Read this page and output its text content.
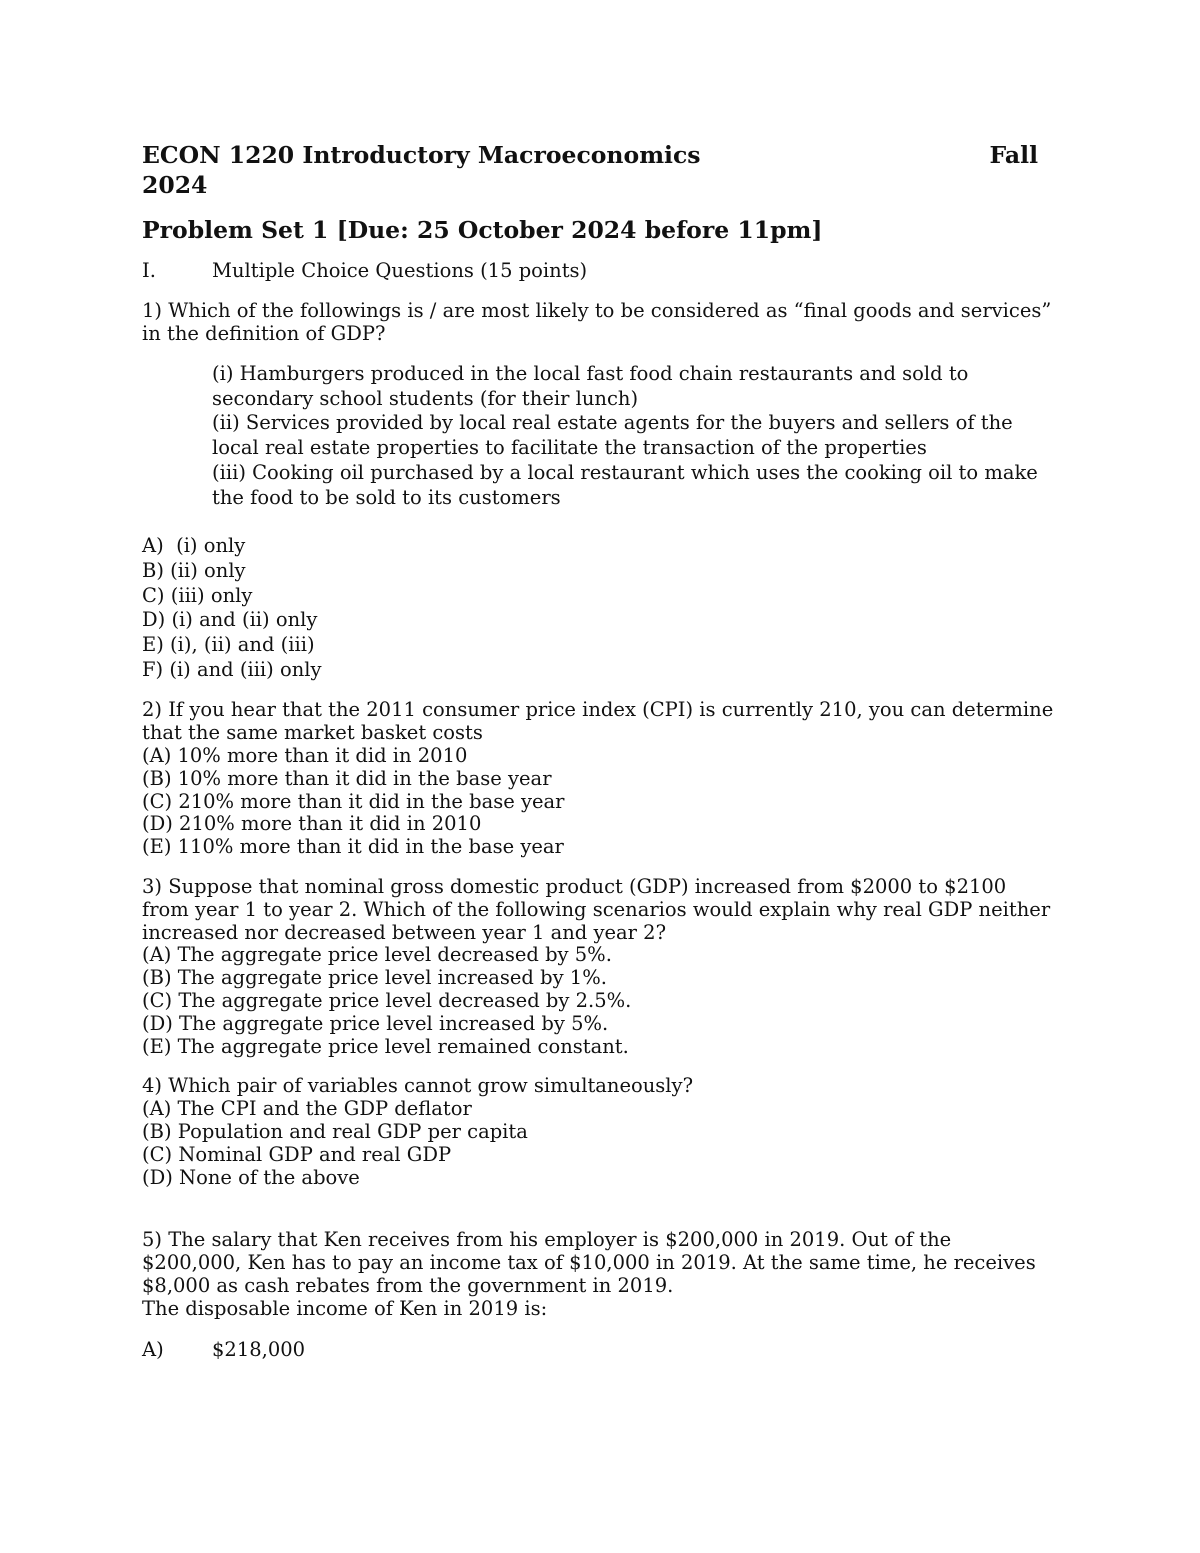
ECON 1220 Introductory Macroeconomics	Fall
2024
Problem Set 1 [Due: 25 October 2024 before 11pm]
I.	Multiple Choice Questions (15 points)

1) Which of the followings is / are most likely to be considered as “final goods and services”

in the definition of GDP?

(i) Hamburgers produced in the local fast food chain restaurants and sold to

secondary school students (for their lunch)

(ii) Services provided by local real estate agents for the buyers and sellers of the

local real estate properties to facilitate the transaction of the properties

(iii) Cooking oil purchased by a local restaurant which uses the cooking oil to make

the food to be sold to its customers

A)  (i) only

B) (ii) only

C) (iii) only

D) (i) and (ii) only

E) (i), (ii) and (iii)

F) (i) and (iii) only

2) If you hear that the 2011 consumer price index (CPI) is currently 210, you can determine

that the same market basket costs

(A) 10% more than it did in 2010

(B) 10% more than it did in the base year

(C) 210% more than it did in the base year

(D) 210% more than it did in 2010

(E) 110% more than it did in the base year

3) Suppose that nominal gross domestic product (GDP) increased from $2000 to $2100

from year 1 to year 2. Which of the following scenarios would explain why real GDP neither

increased nor decreased between year 1 and year 2?

(A) The aggregate price level decreased by 5%.

(B) The aggregate price level increased by 1%.

(C) The aggregate price level decreased by 2.5%.

(D) The aggregate price level increased by 5%.

(E) The aggregate price level remained constant.

4) Which pair of variables cannot grow simultaneously?

(A) The CPI and the GDP deflator

(B) Population and real GDP per capita

(C) Nominal GDP and real GDP

(D) None of the above

5) The salary that Ken receives from his employer is $200,000 in 2019. Out of the

$200,000, Ken has to pay an income tax of $10,000 in 2019. At the same time, he receives

$8,000 as cash rebates from the government in 2019.

The disposable income of Ken in 2019 is:

A)	$218,000
